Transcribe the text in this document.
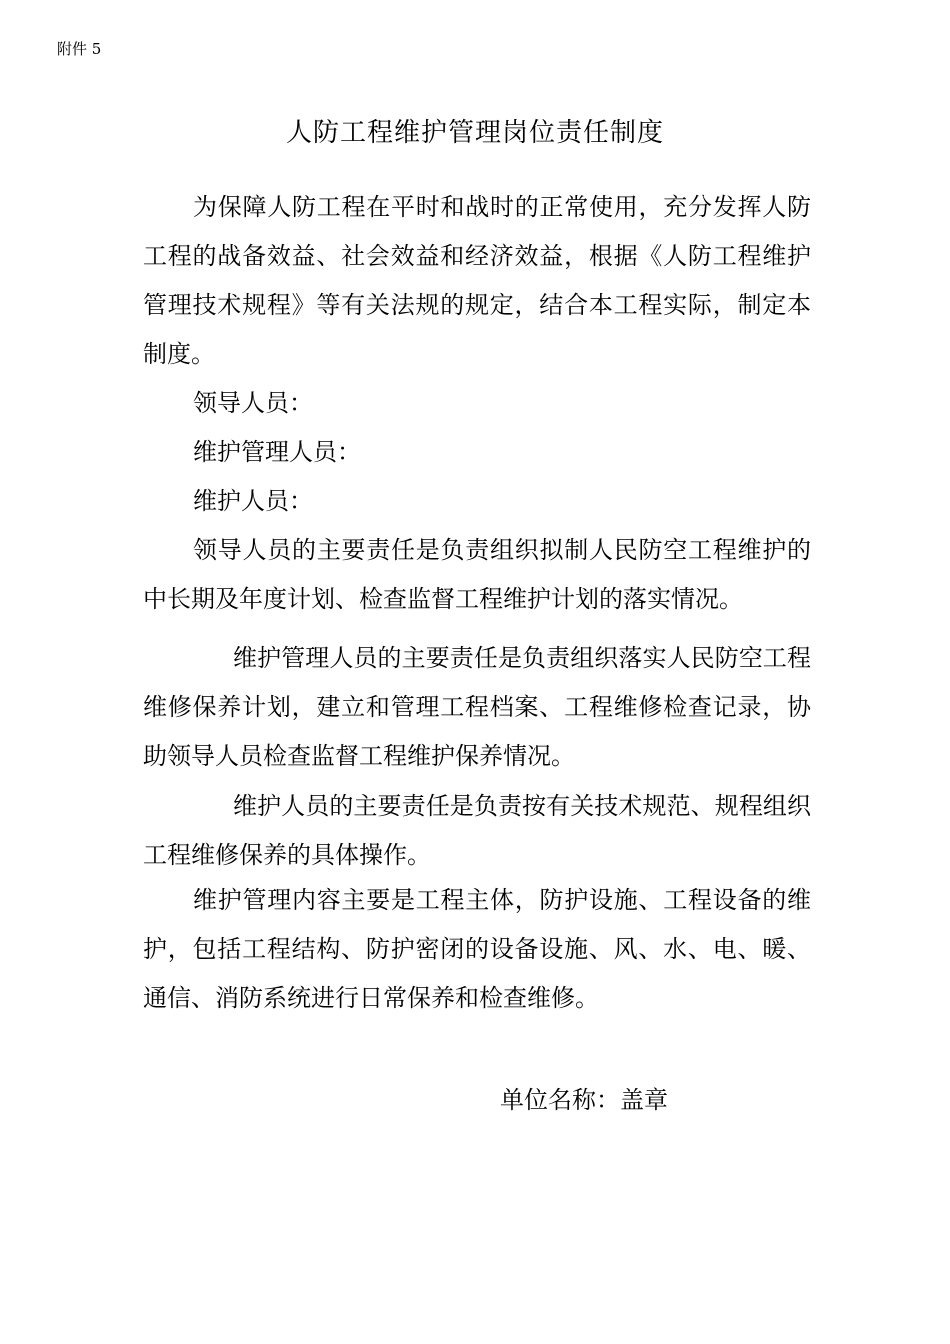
附件 5
人防工程维护管理岗位责任制度
为保障人防工程在平时和战时的正常使用，充分发挥人防工程的战备效益、社会效益和经济效益，根据《人防工程维护管理技术规程》等有关法规的规定，结合本工程实际，制定本制度。
领导人员：
维护管理人员：
维护人员：
领导人员的主要责任是负责组织拟制人民防空工程维护的中长期及年度计划、检查监督工程维护计划的落实情况。
维护管理人员的主要责任是负责组织落实人民防空工程维修保养计划，建立和管理工程档案、工程维修检查记录，协助领导人员检查监督工程维护保养情况。
维护人员的主要责任是负责按有关技术规范、规程组织工程维修保养的具体操作。
维护管理内容主要是工程主体，防护设施、工程设备的维护，包括工程结构、防护密闭的设备设施、风、水、电、暖、通信、消防系统进行日常保养和检查维修。
单位名称：盖章
